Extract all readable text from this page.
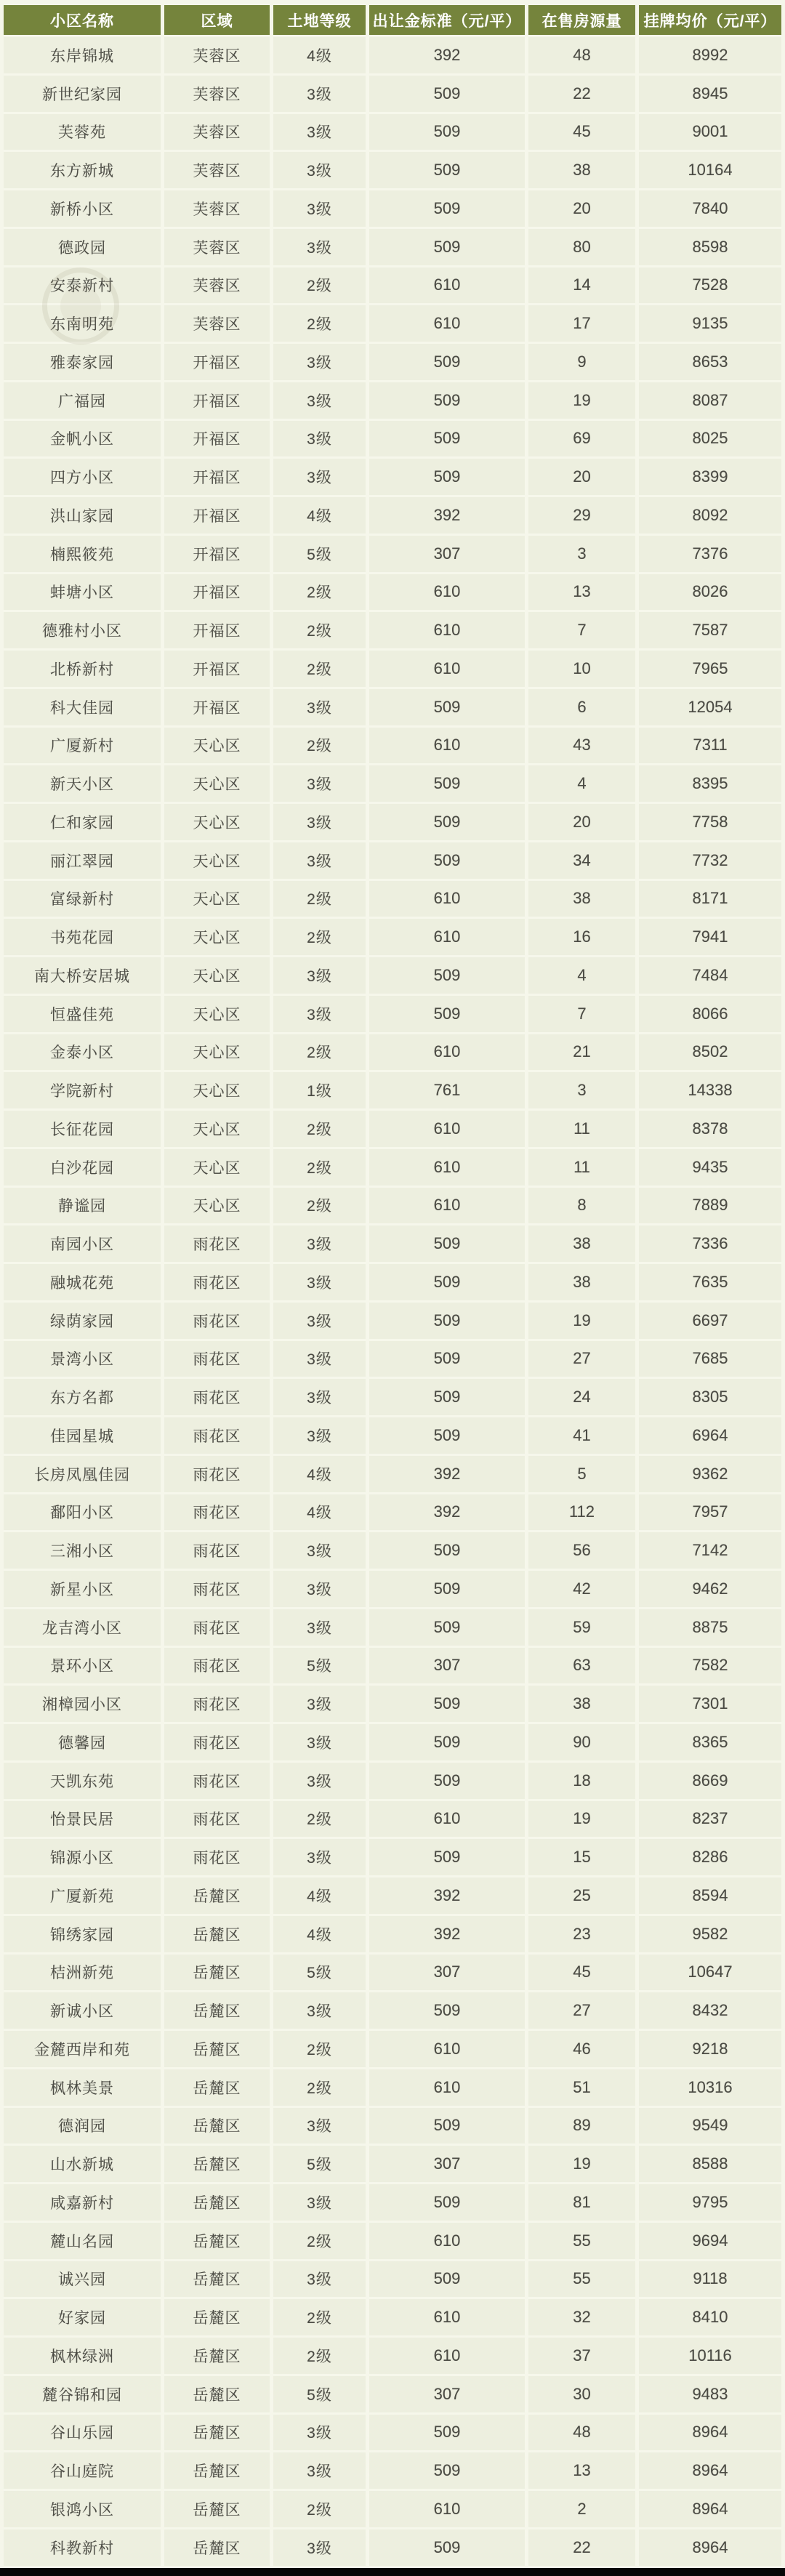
小区名称	区域	土地等级	出让金标准（元/平）	在售房源量	挂牌均价（元/平）
东岸锦城	芙蓉区	4级	392	48	8992
新世纪家园	芙蓉区	3级	509	22	8945
芙蓉苑	芙蓉区	3级	509	45	9001
东方新城	芙蓉区	3级	509	38	10164
新桥小区	芙蓉区	3级	509	20	7840
德政园	芙蓉区	3级	509	80	8598
安泰新村	芙蓉区	2级	610	14	7528
东南明苑	芙蓉区	2级	610	17	9135
雅泰家园	开福区	3级	509	9	8653
广福园	开福区	3级	509	19	8087
金帆小区	开福区	3级	509	69	8025
四方小区	开福区	3级	509	20	8399
洪山家园	开福区	4级	392	29	8092
楠熙筱苑	开福区	5级	307	3	7376
蚌塘小区	开福区	2级	610	13	8026
德雅村小区	开福区	2级	610	7	7587
北桥新村	开福区	2级	610	10	7965
科大佳园	开福区	3级	509	6	12054
广厦新村	天心区	2级	610	43	7311
新天小区	天心区	3级	509	4	8395
仁和家园	天心区	3级	509	20	7758
丽江翠园	天心区	3级	509	34	7732
富绿新村	天心区	2级	610	38	8171
书苑花园	天心区	2级	610	16	7941
南大桥安居城	天心区	3级	509	4	7484
恒盛佳苑	天心区	3级	509	7	8066
金泰小区	天心区	2级	610	21	8502
学院新村	天心区	1级	761	3	14338
长征花园	天心区	2级	610	11	8378
白沙花园	天心区	2级	610	11	9435
静谧园	天心区	2级	610	8	7889
南园小区	雨花区	3级	509	38	7336
融城花苑	雨花区	3级	509	38	7635
绿荫家园	雨花区	3级	509	19	6697
景湾小区	雨花区	3级	509	27	7685
东方名都	雨花区	3级	509	24	8305
佳园星城	雨花区	3级	509	41	6964
长房凤凰佳园	雨花区	4级	392	5	9362
鄱阳小区	雨花区	4级	392	112	7957
三湘小区	雨花区	3级	509	56	7142
新星小区	雨花区	3级	509	42	9462
龙吉湾小区	雨花区	3级	509	59	8875
景环小区	雨花区	5级	307	63	7582
湘樟园小区	雨花区	3级	509	38	7301
德馨园	雨花区	3级	509	90	8365
天凯东苑	雨花区	3级	509	18	8669
怡景民居	雨花区	2级	610	19	8237
锦源小区	雨花区	3级	509	15	8286
广厦新苑	岳麓区	4级	392	25	8594
锦绣家园	岳麓区	4级	392	23	9582
桔洲新苑	岳麓区	5级	307	45	10647
新诚小区	岳麓区	3级	509	27	8432
金麓西岸和苑	岳麓区	2级	610	46	9218
枫林美景	岳麓区	2级	610	51	10316
德润园	岳麓区	3级	509	89	9549
山水新城	岳麓区	5级	307	19	8588
咸嘉新村	岳麓区	3级	509	81	9795
麓山名园	岳麓区	2级	610	55	9694
诚兴园	岳麓区	3级	509	55	9118
好家园	岳麓区	2级	610	32	8410
枫林绿洲	岳麓区	2级	610	37	10116
麓谷锦和园	岳麓区	5级	307	30	9483
谷山乐园	岳麓区	3级	509	48	8964
谷山庭院	岳麓区	3级	509	13	8964
银鸿小区	岳麓区	2级	610	2	8964
科教新村	岳麓区	3级	509	22	8964
